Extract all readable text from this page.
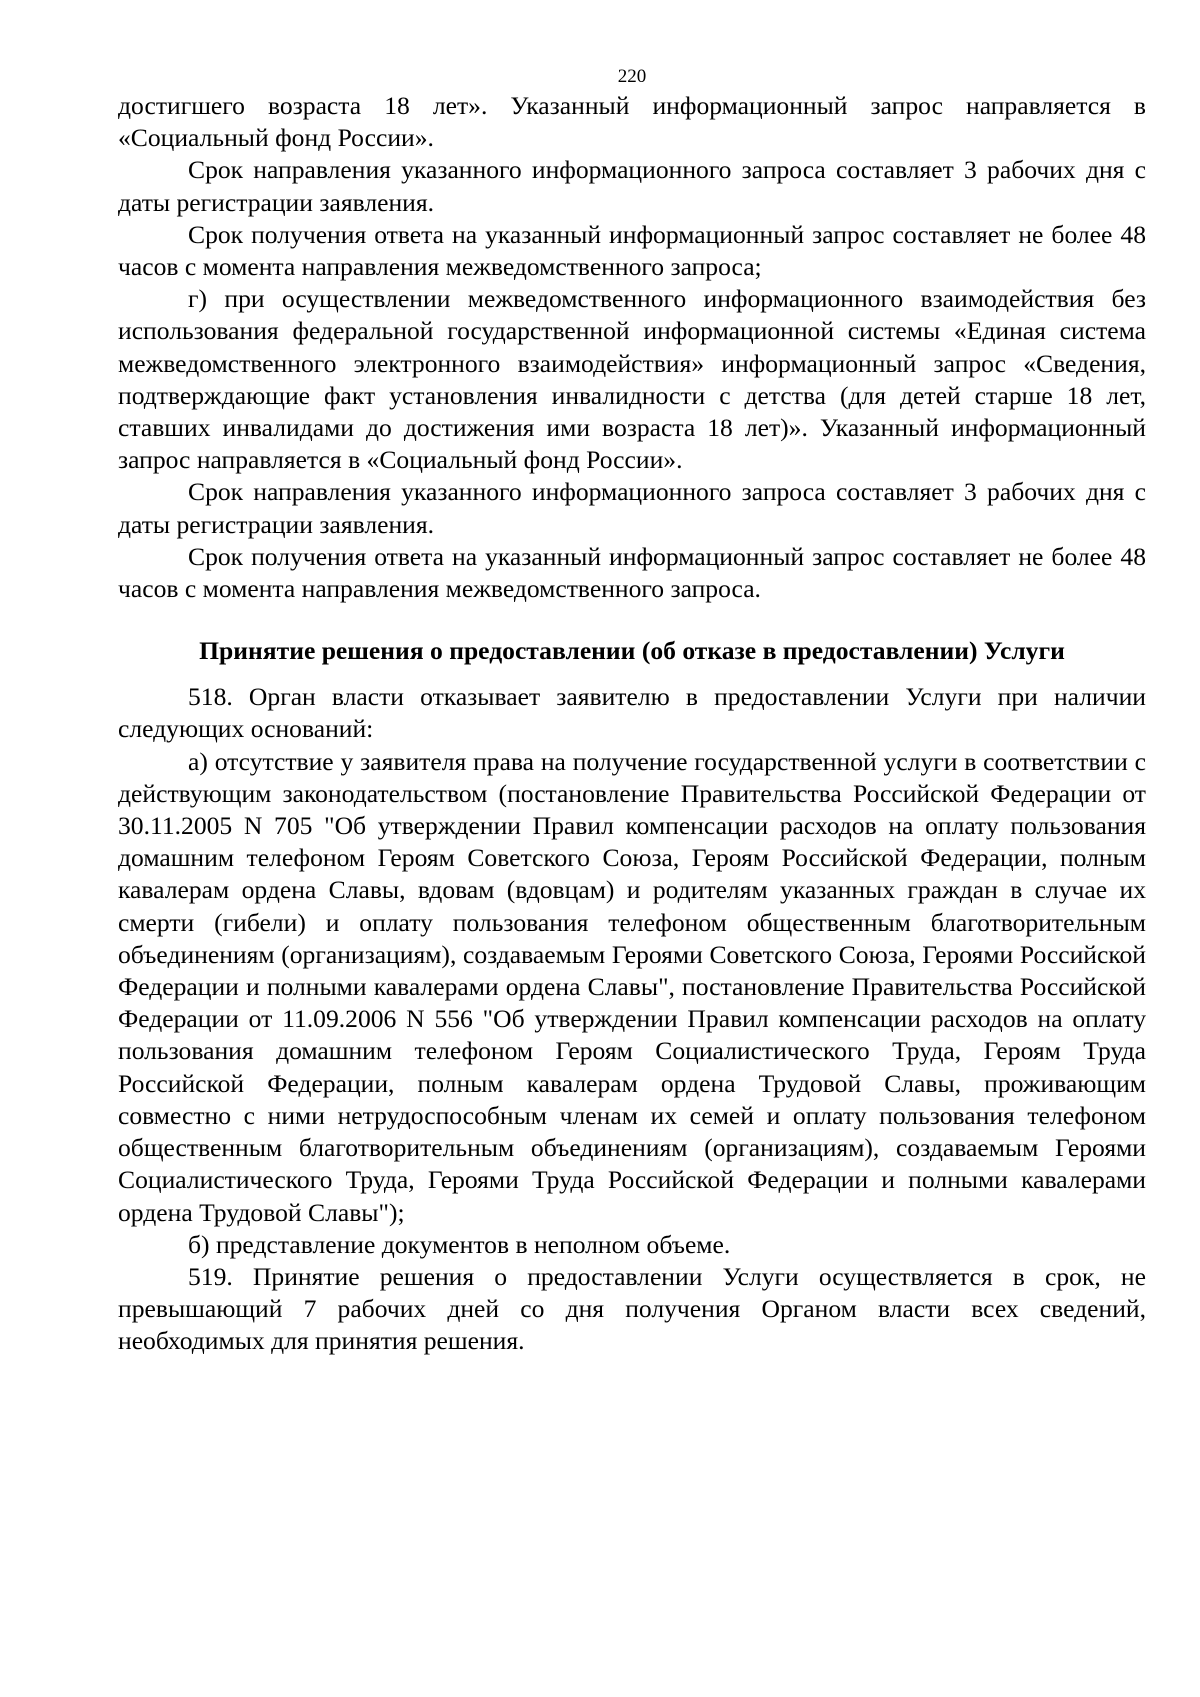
220

достигшего возраста 18 лет». Указанный информационный запрос направляется в «Социальный фонд России».

Срок направления указанного информационного запроса составляет 3 рабочих дня с даты регистрации заявления.

Срок получения ответа на указанный информационный запрос составляет не более 48 часов с момента направления межведомственного запроса;

г) при осуществлении межведомственного информационного взаимодействия без использования федеральной государственной информационной системы «Единая система межведомственного электронного взаимодействия» информационный запрос «Сведения, подтверждающие факт установления инвалидности с детства (для детей старше 18 лет, ставших инвалидами до достижения ими возраста 18 лет)». Указанный информационный запрос направляется в «Социальный фонд России».

Срок направления указанного информационного запроса составляет 3 рабочих дня с даты регистрации заявления.

Срок получения ответа на указанный информационный запрос составляет не более 48 часов с момента направления межведомственного запроса.

Принятие решения о предоставлении (об отказе в предоставлении) Услуги

518. Орган власти отказывает заявителю в предоставлении Услуги при наличии следующих оснований:

а) отсутствие у заявителя права на получение государственной услуги в соответствии с действующим законодательством (постановление Правительства Российской Федерации от 30.11.2005 N 705 "Об утверждении Правил компенсации расходов на оплату пользования домашним телефоном Героям Советского Союза, Героям Российской Федерации, полным кавалерам ордена Славы, вдовам (вдовцам) и родителям указанных граждан в случае их смерти (гибели) и оплату пользования телефоном общественным благотворительным объединениям (организациям), создаваемым Героями Советского Союза, Героями Российской Федерации и полными кавалерами ордена Славы", постановление Правительства Российской Федерации от 11.09.2006 N 556 "Об утверждении Правил компенсации расходов на оплату пользования домашним телефоном Героям Социалистического Труда, Героям Труда Российской Федерации, полным кавалерам ордена Трудовой Славы, проживающим совместно с ними нетрудоспособным членам их семей и оплату пользования телефоном общественным благотворительным объединениям (организациям), создаваемым Героями Социалистического Труда, Героями Труда Российской Федерации и полными кавалерами ордена Трудовой Славы");

б) представление документов в неполном объеме.

519. Принятие решения о предоставлении Услуги осуществляется в срок, не превышающий 7 рабочих дней со дня получения Органом власти всех сведений, необходимых для принятия решения.
